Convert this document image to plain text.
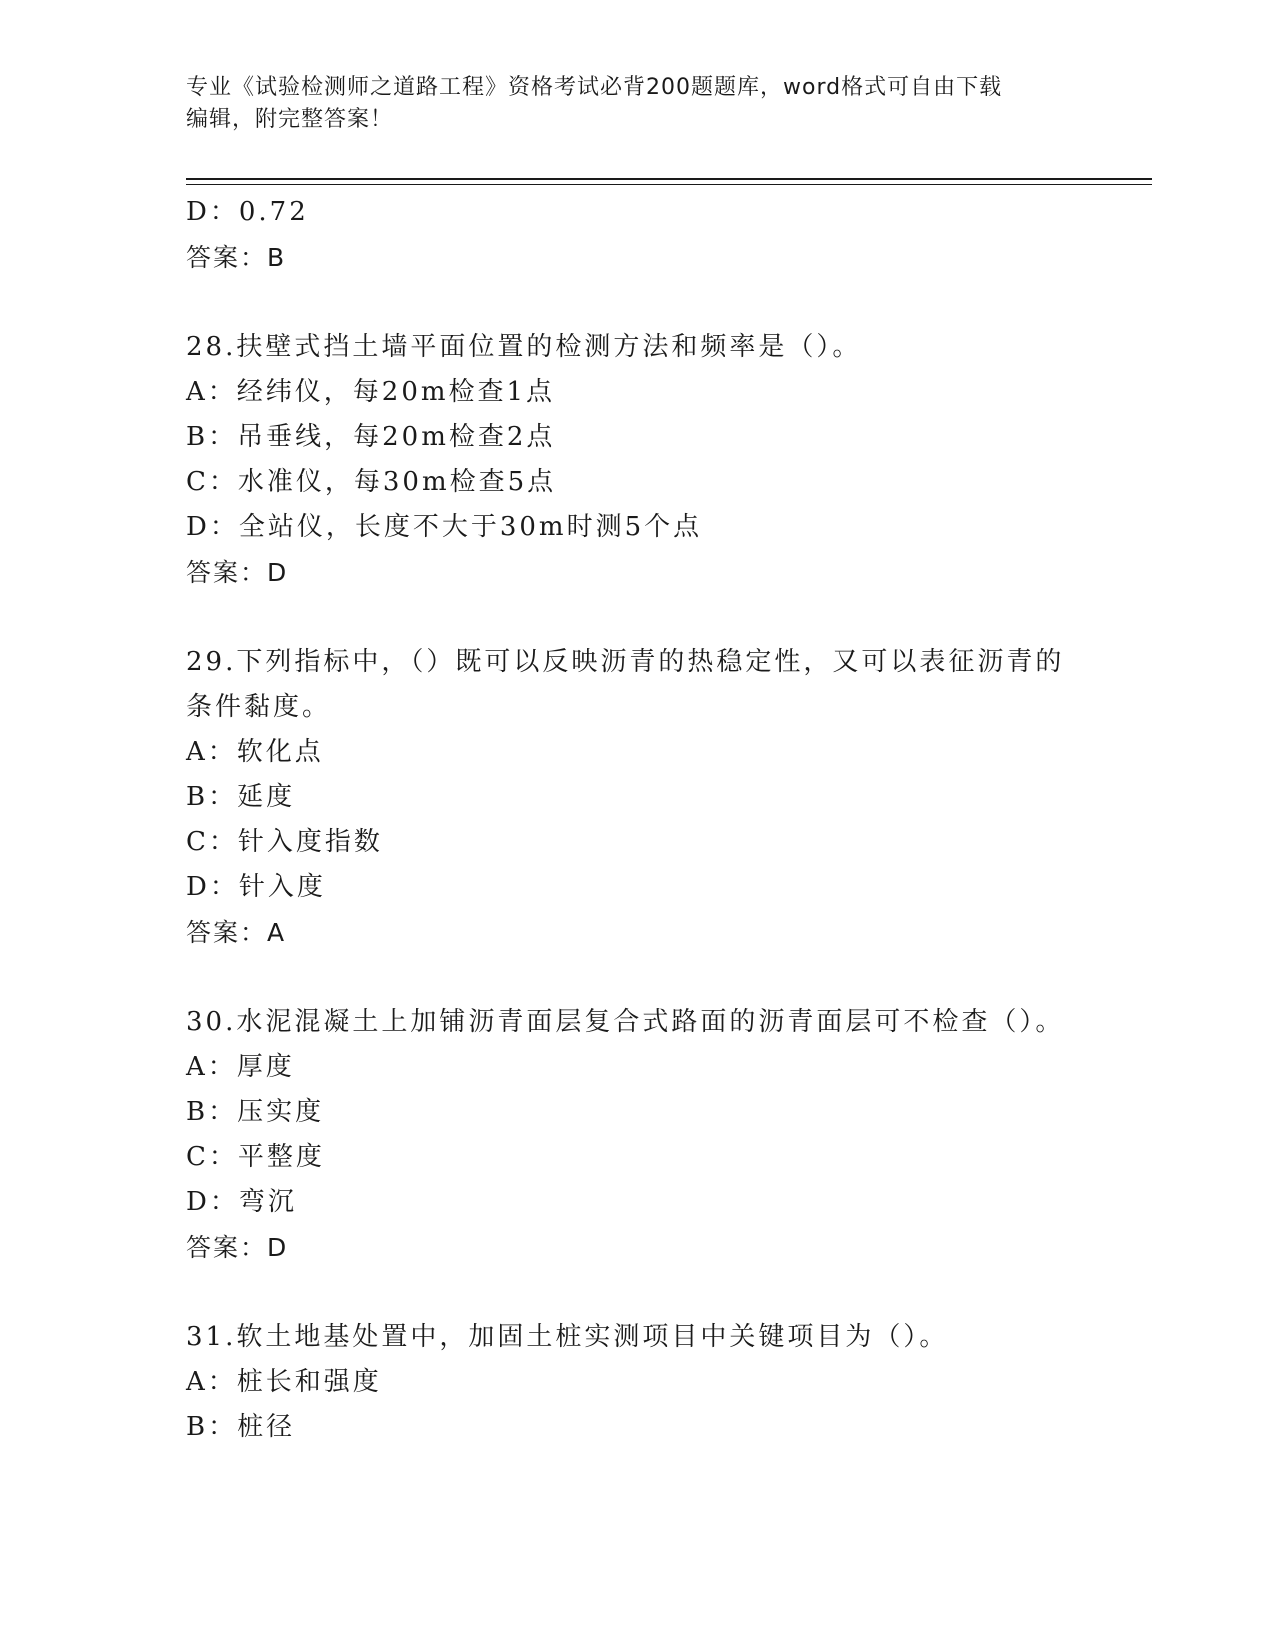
专业《试验检测师之道路工程》资格考试必背200题题库，word格式可自由下载
编辑，附完整答案！
D：0.72
答案：B
28.扶壁式挡土墙平面位置的检测方法和频率是（）。
A：经纬仪，每20m检查1点
B：吊垂线，每20m检查2点
C：水准仪，每30m检查5点
D：全站仪，长度不大于30m时测5个点
答案：D
29.下列指标中，（）既可以反映沥青的热稳定性，又可以表征沥青的条件黏度。
A：软化点
B：延度
C：针入度指数
D：针入度
答案：A
30.水泥混凝土上加铺沥青面层复合式路面的沥青面层可不检查（）。
A：厚度
B：压实度
C：平整度
D：弯沉
答案：D
31.软土地基处置中，加固土桩实测项目中关键项目为（）。
A：桩长和强度
B：桩径
